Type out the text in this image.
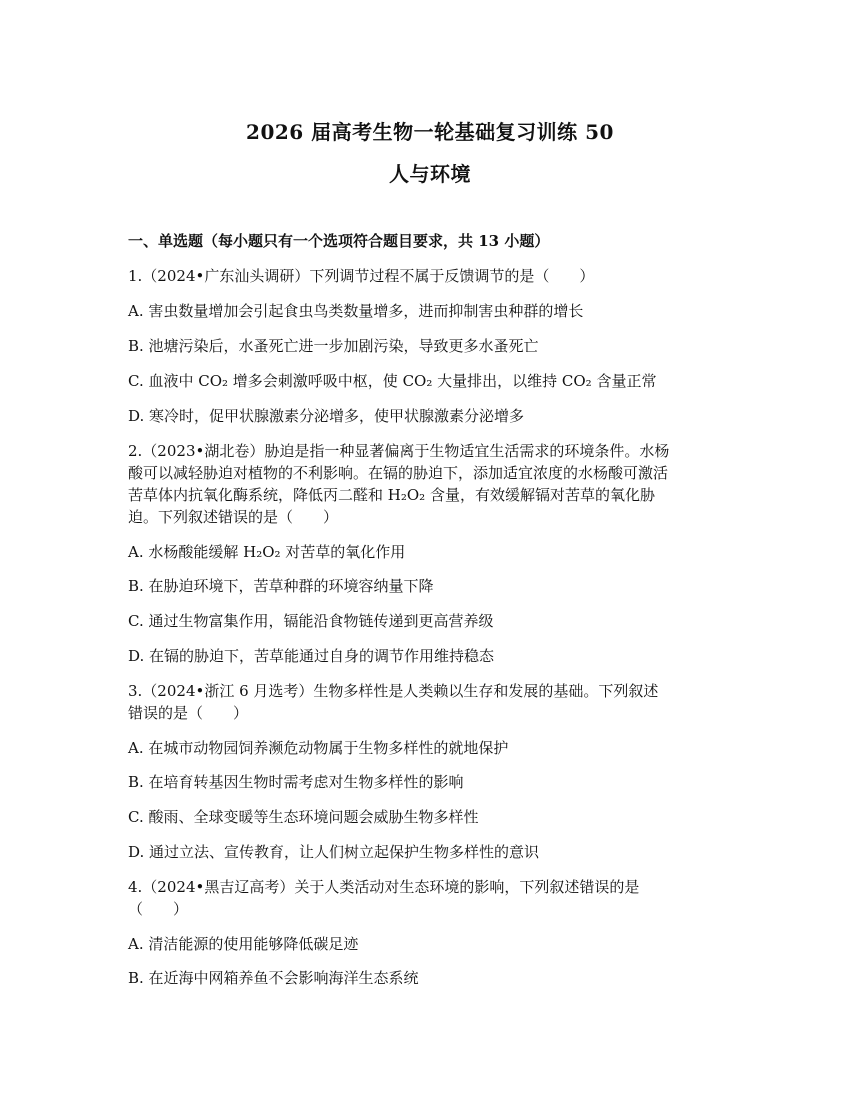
2026 届高考生物一轮基础复习训练 50
人与环境
一、单选题（每小题只有一个选项符合题目要求，共 13 小题）
1.（2024•广东汕头调研）下列调节过程不属于反馈调节的是（　　）
A. 害虫数量增加会引起食虫鸟类数量增多，进而抑制害虫种群的增长
B. 池塘污染后，水蚤死亡进一步加剧污染，导致更多水蚤死亡
C. 血液中 CO₂ 增多会刺激呼吸中枢，使 CO₂ 大量排出，以维持 CO₂ 含量正常
D. 寒冷时，促甲状腺激素分泌增多，使甲状腺激素分泌增多
2.（2023•湖北卷）胁迫是指一种显著偏离于生物适宜生活需求的环境条件。水杨
酸可以减轻胁迫对植物的不利影响。在镉的胁迫下，添加适宜浓度的水杨酸可激活
苦草体内抗氧化酶系统，降低丙二醛和 H₂O₂ 含量，有效缓解镉对苦草的氧化胁
迫。下列叙述错误的是（　　）
A. 水杨酸能缓解 H₂O₂ 对苦草的氧化作用
B. 在胁迫环境下，苦草种群的环境容纳量下降
C. 通过生物富集作用，镉能沿食物链传递到更高营养级
D. 在镉的胁迫下，苦草能通过自身的调节作用维持稳态
3.（2024•浙江 6 月选考）生物多样性是人类赖以生存和发展的基础。下列叙述
错误的是（　　）
A. 在城市动物园饲养濒危动物属于生物多样性的就地保护
B. 在培育转基因生物时需考虑对生物多样性的影响
C. 酸雨、全球变暖等生态环境问题会威胁生物多样性
D. 通过立法、宣传教育，让人们树立起保护生物多样性的意识
4.（2024•黑吉辽高考）关于人类活动对生态环境的影响，下列叙述错误的是
（　　）
A. 清洁能源的使用能够降低碳足迹
B. 在近海中网箱养鱼不会影响海洋生态系统
